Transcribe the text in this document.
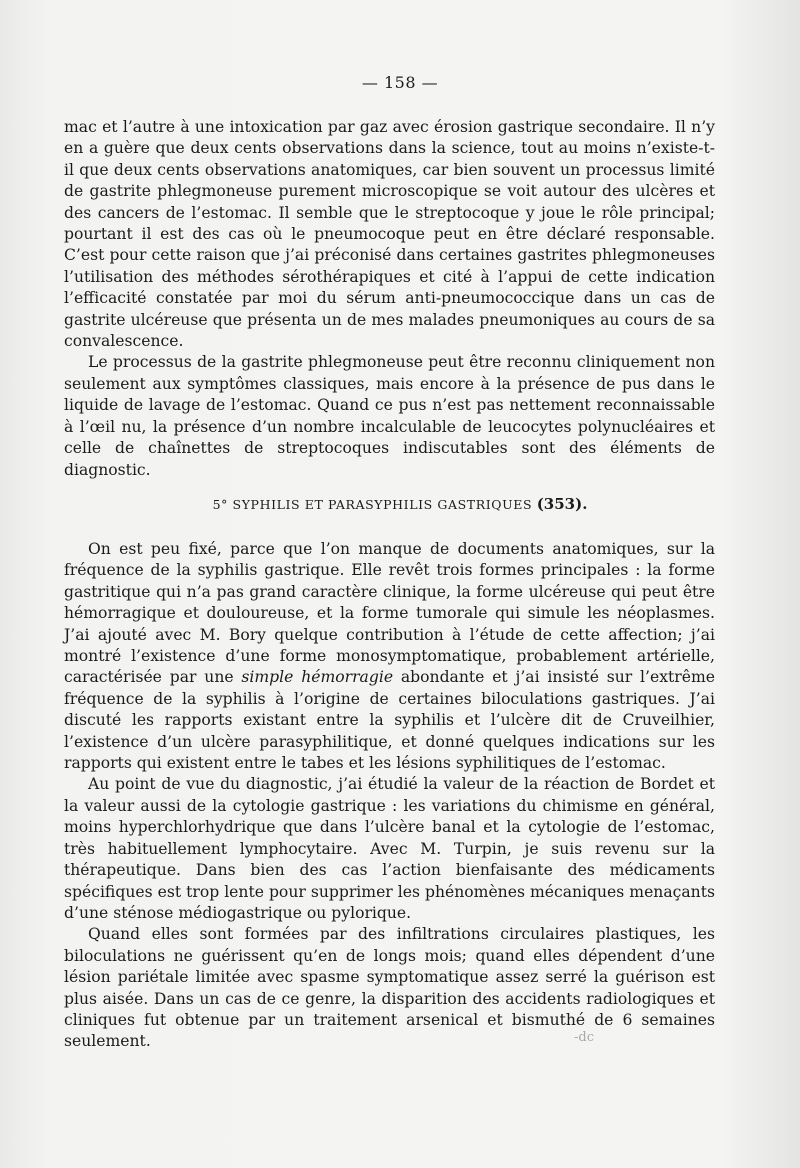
— 158 —

mac et l’autre à une intoxication par gaz avec érosion gastrique secondaire. Il n’y en a guère que deux cents observations dans la science, tout au moins n’existe-t-il que deux cents observations anatomiques, car bien souvent un processus limité de gastrite phlegmoneuse purement microscopique se voit autour des ulcères et des cancers de l’estomac. Il semble que le streptocoque y joue le rôle principal; pourtant il est des cas où le pneumocoque peut en être déclaré responsable. C’est pour cette raison que j’ai préconisé dans certaines gastrites phlegmoneuses l’utilisation des méthodes sérothérapiques et cité à l’appui de cette indication l’efficacité constatée par moi du sérum anti-pneumococcique dans un cas de gastrite ulcéreuse que présenta un de mes malades pneumoniques au cours de sa convalescence.

Le processus de la gastrite phlegmoneuse peut être reconnu cliniquement non seulement aux symptômes classiques, mais encore à la présence de pus dans le liquide de lavage de l’estomac. Quand ce pus n’est pas nettement reconnaissable à l’œil nu, la présence d’un nombre incalculable de leucocytes polynucléaires et celle de chaînettes de streptocoques indiscutables sont des éléments de diagnostic.

5° SYPHILIS ET PARASYPHILIS GASTRIQUES (353).

On est peu fixé, parce que l’on manque de documents anatomiques, sur la fréquence de la syphilis gastrique. Elle revêt trois formes principales : la forme gastritique qui n’a pas grand caractère clinique, la forme ulcéreuse qui peut être hémorragique et douloureuse, et la forme tumorale qui simule les néoplasmes. J’ai ajouté avec M. Bory quelque contribution à l’étude de cette affection; j’ai montré l’existence d’une forme monosymptomatique, probablement artérielle, caractérisée par une simple hémorragie abondante et j’ai insisté sur l’extrême fréquence de la syphilis à l’origine de certaines biloculations gastriques. J’ai discuté les rapports existant entre la syphilis et l’ulcère dit de Cruveilhier, l’existence d’un ulcère parasyphilitique, et donné quelques indications sur les rapports qui existent entre le tabes et les lésions syphilitiques de l’estomac.

Au point de vue du diagnostic, j’ai étudié la valeur de la réaction de Bordet et la valeur aussi de la cytologie gastrique : les variations du chimisme en général, moins hyperchlorhydrique que dans l’ulcère banal et la cytologie de l’estomac, très habituellement lymphocytaire. Avec M. Turpin, je suis revenu sur la thérapeutique. Dans bien des cas l’action bienfaisante des médicaments spécifiques est trop lente pour supprimer les phénomènes mécaniques menaçants d’une sténose médiogastrique ou pylorique.

Quand elles sont formées par des infiltrations circulaires plastiques, les biloculations ne guérissent qu’en de longs mois; quand elles dépendent d’une lésion pariétale limitée avec spasme symptomatique assez serré la guérison est plus aisée. Dans un cas de ce genre, la disparition des accidents radiologiques et cliniques fut obtenue par un traitement arsenical et bismuthé de 6 semaines seulement.	-dc
